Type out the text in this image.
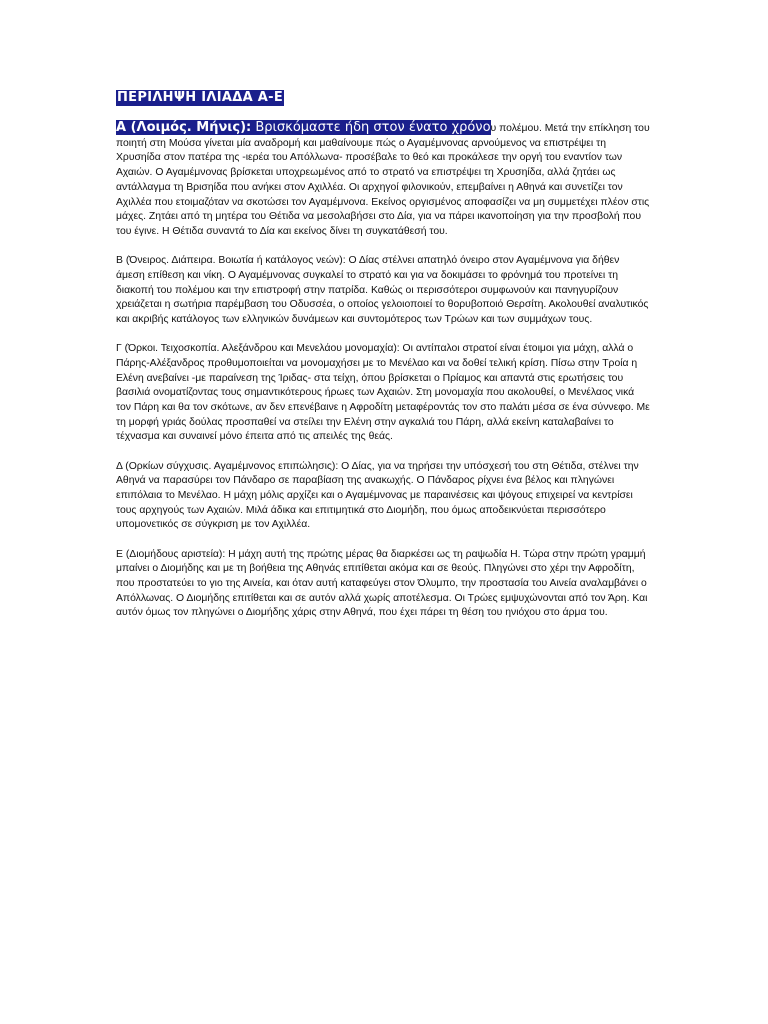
ΠΕΡΙΛΗΨΗ ΙΛΙΑΔΑ Α-Ε

Α (Λοιμός. Μήνις): Βρισκόμαστε ήδη στον ένατο χρόνου πολέμου. Μετά την επίκληση του ποιητή στη Μούσα γίνεται μία αναδρομή και μαθαίνουμε πώς ο Αγαμέμνονας αρνούμενος να επιστρέψει τη Χρυσηίδα στον πατέρα της -ιερέα του Απόλλωνα- προσέβαλε το θεό και προκάλεσε την οργή του εναντίον των Αχαιών. Ο Αγαμέμνονας βρίσκεται υποχρεωμένος από το στρατό να επιστρέψει τη Χρυσηίδα, αλλά ζητάει ως αντάλλαγμα τη Βρισηίδα που ανήκει στον Αχιλλέα. Οι αρχηγοί φιλονικούν, επεμβαίνει η Αθηνά και συνετίζει τον Αχιλλέα που ετοιμαζόταν να σκοτώσει τον Αγαμέμνονα. Εκείνος οργισμένος αποφασίζει να μη συμμετέχει πλέον στις μάχες. Ζητάει από τη μητέρα του Θέτιδα να μεσολαβήσει στο Δία, για να πάρει ικανοποίηση για την προσβολή που του έγινε. Η Θέτιδα συναντά το Δία και εκείνος δίνει τη συγκατάθεσή του.

Β (Όνειρος. Διάπειρα. Βοιωτία ή κατάλογος νεών): Ο Δίας στέλνει απατηλό όνειρο στον Αγαμέμνονα για δήθεν άμεση επίθεση και νίκη. Ο Αγαμέμνονας συγκαλεί το στρατό και για να δοκιμάσει το φρόνημά του προτείνει τη διακοπή του πολέμου και την επιστροφή στην πατρίδα. Καθώς οι περισσότεροι συμφωνούν και πανηγυρίζουν χρειάζεται η σωτήρια παρέμβαση του Οδυσσέα, ο οποίος γελοιοποιεί το θορυβοποιό Θερσίτη. Ακολουθεί αναλυτικός και ακριβής κατάλογος των ελληνικών δυνάμεων και συντομότερος των Τρώων και των συμμάχων τους.

Γ (Όρκοι. Τειχοσκοπία. Αλεξάνδρου και Μενελάου μονομαχία): Οι αντίπαλοι στρατοί είναι έτοιμοι για μάχη, αλλά ο Πάρης-Αλέξανδρος προθυμοποιείται να μονομαχήσει με το Μενέλαο και να δοθεί τελική κρίση. Πίσω στην Τροία η Ελένη ανεβαίνει -με παραίνεση της Ίριδας- στα τείχη, όπου βρίσκεται ο Πρίαμος και απαντά στις ερωτήσεις του βασιλιά ονοματίζοντας τους σημαντικότερους ήρωες των Αχαιών. Στη μονομαχία που ακολουθεί, ο Μενέλαος νικά τον Πάρη και θα τον σκότωνε, αν δεν επενέβαινε η Αφροδίτη μεταφέροντάς τον στο παλάτι μέσα σε ένα σύννεφο. Με τη μορφή γριάς δούλας προσπαθεί να στείλει την Ελένη στην αγκαλιά του Πάρη, αλλά εκείνη καταλαβαίνει το τέχνασμα και συναινεί μόνο έπειτα από τις απειλές της θεάς.

Δ (Ορκίων σύγχυσις. Αγαμέμνονος επιπώλησις): Ο Δίας, για να τηρήσει την υπόσχεσή του στη Θέτιδα, στέλνει την Αθηνά να παρασύρει τον Πάνδαρο σε παραβίαση της ανακωχής. Ο Πάνδαρος ρίχνει ένα βέλος και πληγώνει επιπόλαια το Μενέλαο. Η μάχη μόλις αρχίζει και ο Αγαμέμνονας με παραινέσεις και ψόγους επιχειρεί να κεντρίσει τους αρχηγούς των Αχαιών. Μιλά άδικα και επιτιμητικά στο Διομήδη, που όμως αποδεικνύεται περισσότερο υπομονετικός σε σύγκριση με τον Αχιλλέα.

Ε (Διομήδους αριστεία): Η μάχη αυτή της πρώτης μέρας θα διαρκέσει ως τη ραψωδία Η. Τώρα στην πρώτη γραμμή μπαίνει ο Διομήδης και με τη βοήθεια της Αθηνάς επιτίθεται ακόμα και σε θεούς. Πληγώνει στο χέρι την Αφροδίτη, που προστατεύει το γιο της Αινεία, και όταν αυτή καταφεύγει στον Όλυμπο, την προστασία του Αινεία αναλαμβάνει ο Απόλλωνας. Ο Διομήδης επιτίθεται και σε αυτόν αλλά χωρίς αποτέλεσμα. Οι Τρώες εμψυχώνονται από τον Άρη. Και αυτόν όμως τον πληγώνει ο Διομήδης χάρις στην Αθηνά, που έχει πάρει τη θέση του ηνιόχου στο άρμα του.
